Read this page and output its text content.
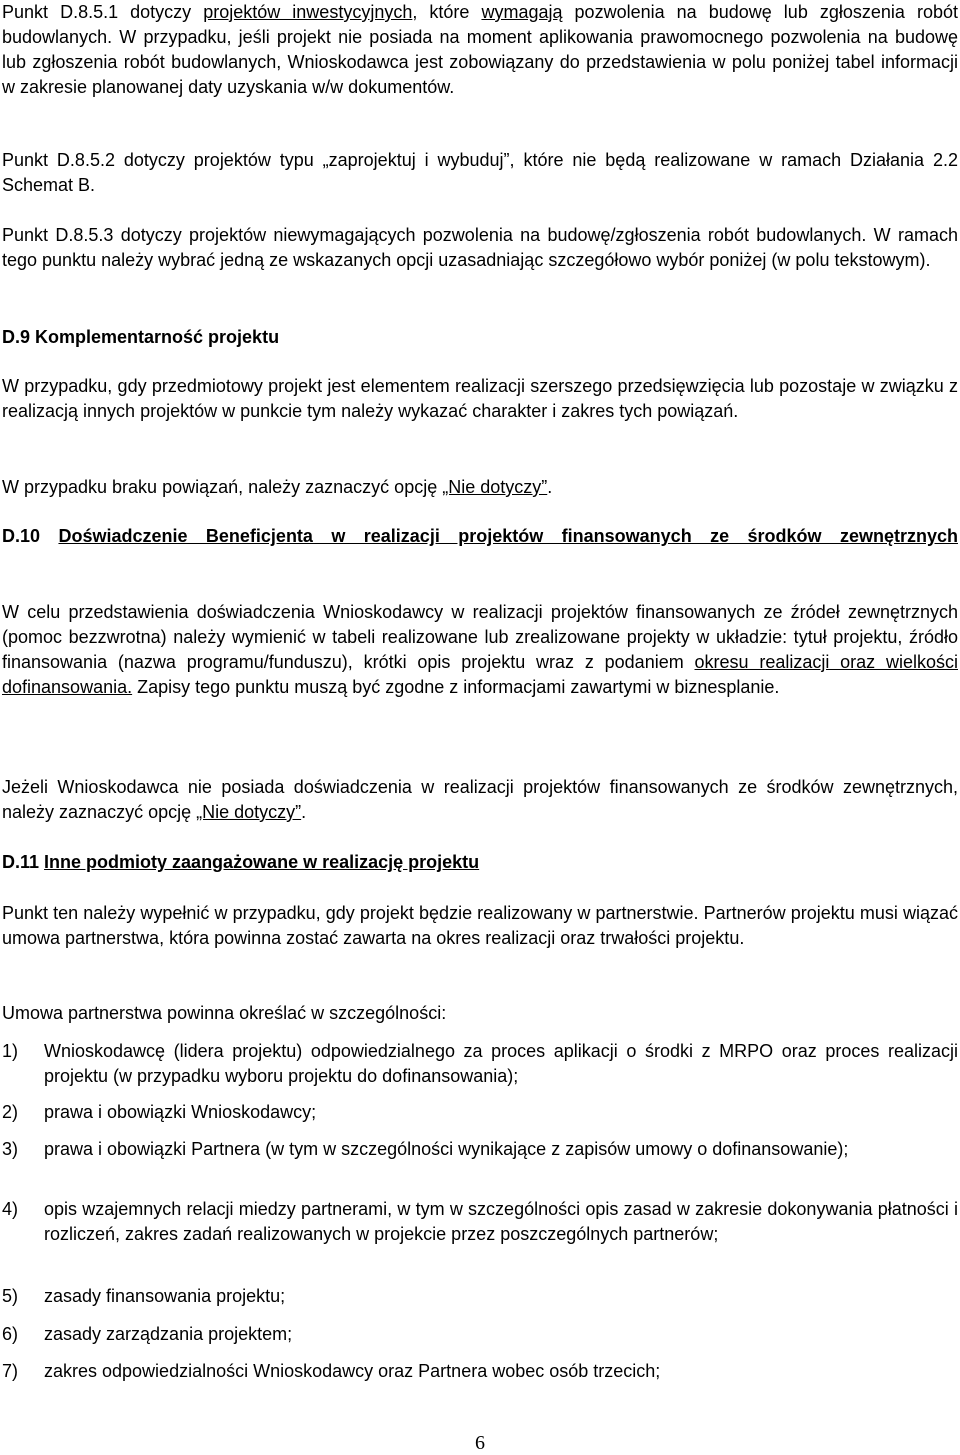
Punkt D.8.5.1 dotyczy projektów inwestycyjnych, które wymagają pozwolenia na budowę lub zgłoszenia robót budowlanych. W przypadku, jeśli projekt nie posiada na moment aplikowania prawomocnego pozwolenia na budowę lub zgłoszenia robót budowlanych, Wnioskodawca jest zobowiązany do przedstawienia w polu poniżej tabel informacji w zakresie planowanej daty uzyskania w/w dokumentów.

Punkt D.8.5.2 dotyczy projektów typu „zaprojektuj i wybuduj”, które nie będą realizowane w ramach Działania 2.2 Schemat B.

Punkt D.8.5.3 dotyczy projektów niewymagających pozwolenia na budowę/zgłoszenia robót budowlanych. W ramach tego punktu należy wybrać jedną ze wskazanych opcji uzasadniając szczegółowo wybór poniżej (w polu tekstowym).

D.9 Komplementarność projektu

W przypadku, gdy przedmiotowy projekt jest elementem realizacji szerszego przedsięwzięcia lub pozostaje w związku z realizacją innych projektów w punkcie tym należy wykazać charakter i zakres tych powiązań.

W przypadku braku powiązań, należy zaznaczyć opcję „Nie dotyczy”.

D.10 Doświadczenie Beneficjenta w realizacji projektów finansowanych ze środków zewnętrznych

W celu przedstawienia doświadczenia Wnioskodawcy w realizacji projektów finansowanych ze źródeł zewnętrznych (pomoc bezzwrotna) należy wymienić w tabeli realizowane lub zrealizowane projekty w układzie: tytuł projektu, źródło finansowania (nazwa programu/funduszu), krótki opis projektu wraz z podaniem okresu realizacji oraz wielkości dofinansowania. Zapisy tego punktu muszą być zgodne z informacjami zawartymi w biznesplanie.

Jeżeli Wnioskodawca nie posiada doświadczenia w realizacji projektów finansowanych ze środków zewnętrznych, należy zaznaczyć opcję „Nie dotyczy”.

D.11 Inne podmioty zaangażowane w realizację projektu

Punkt ten należy wypełnić w przypadku, gdy projekt będzie realizowany w partnerstwie. Partnerów projektu musi wiązać umowa partnerstwa, która powinna zostać zawarta na okres realizacji oraz trwałości projektu.

Umowa partnerstwa powinna określać w szczególności:

1)	Wnioskodawcę (lidera projektu) odpowiedzialnego za proces aplikacji o środki z MRPO oraz proces realizacji projektu (w przypadku wyboru projektu do dofinansowania);
2)	prawa i obowiązki Wnioskodawcy;
3)	prawa i obowiązki Partnera (w tym w szczególności wynikające z zapisów umowy o dofinansowanie);
4)	opis wzajemnych relacji miedzy partnerami, w tym w szczególności opis zasad w zakresie dokonywania płatności i rozliczeń, zakres zadań realizowanych w projekcie przez poszczególnych partnerów;
5)	zasady finansowania projektu;
6)	zasady zarządzania projektem;
7)	zakres odpowiedzialności Wnioskodawcy oraz Partnera wobec osób trzecich;
6
